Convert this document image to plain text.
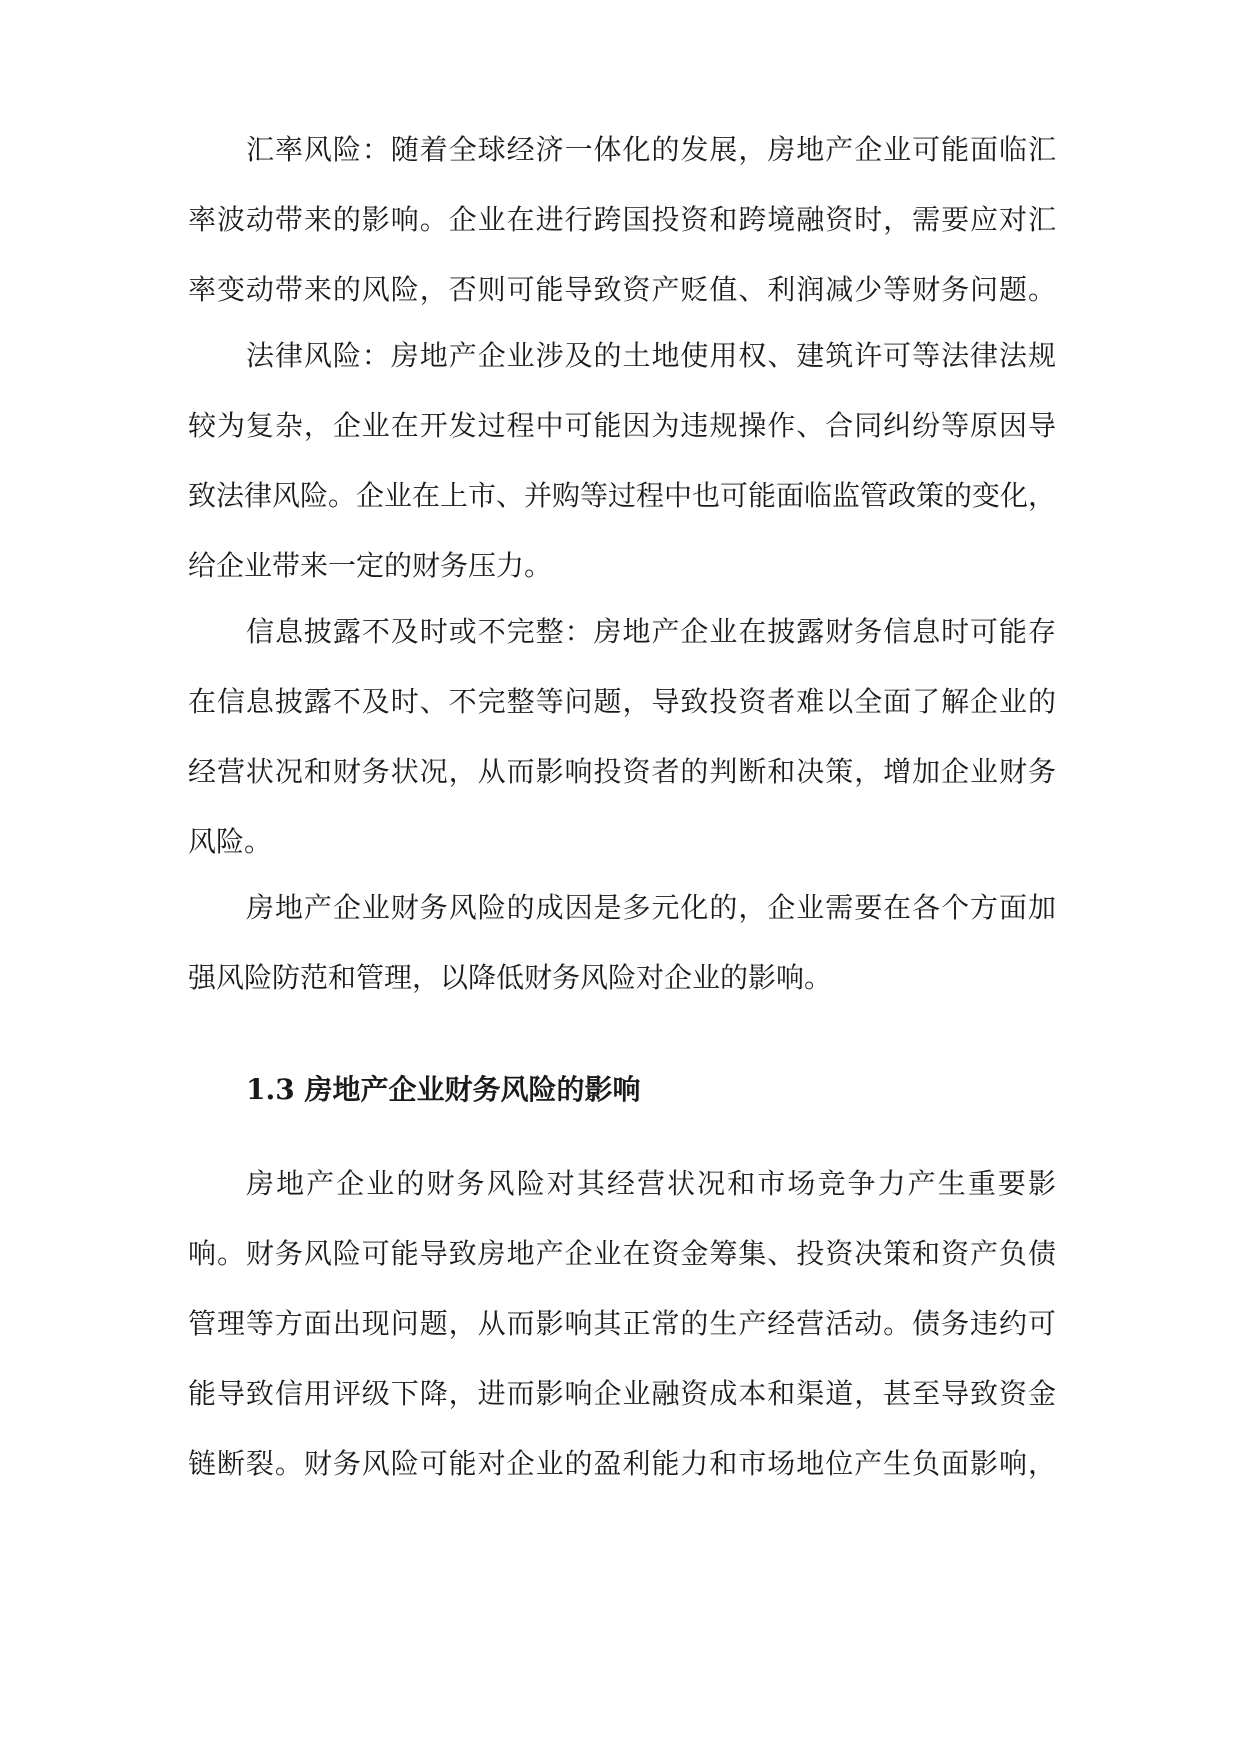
汇率风险：随着全球经济一体化的发展，房地产企业可能面临汇
率波动带来的影响。企业在进行跨国投资和跨境融资时，需要应对汇
率变动带来的风险，否则可能导致资产贬值、利润减少等财务问题。
法律风险：房地产企业涉及的土地使用权、建筑许可等法律法规
较为复杂，企业在开发过程中可能因为违规操作、合同纠纷等原因导
致法律风险。企业在上市、并购等过程中也可能面临监管政策的变化，
给企业带来一定的财务压力。
信息披露不及时或不完整：房地产企业在披露财务信息时可能存
在信息披露不及时、不完整等问题，导致投资者难以全面了解企业的
经营状况和财务状况，从而影响投资者的判断和决策，增加企业财务
风险。
房地产企业财务风险的成因是多元化的，企业需要在各个方面加
强风险防范和管理，以降低财务风险对企业的影响。
1.3 房地产企业财务风险的影响
房地产企业的财务风险对其经营状况和市场竞争力产生重要影
响。财务风险可能导致房地产企业在资金筹集、投资决策和资产负债
管理等方面出现问题，从而影响其正常的生产经营活动。债务违约可
能导致信用评级下降，进而影响企业融资成本和渠道，甚至导致资金
链断裂。财务风险可能对企业的盈利能力和市场地位产生负面影响，
